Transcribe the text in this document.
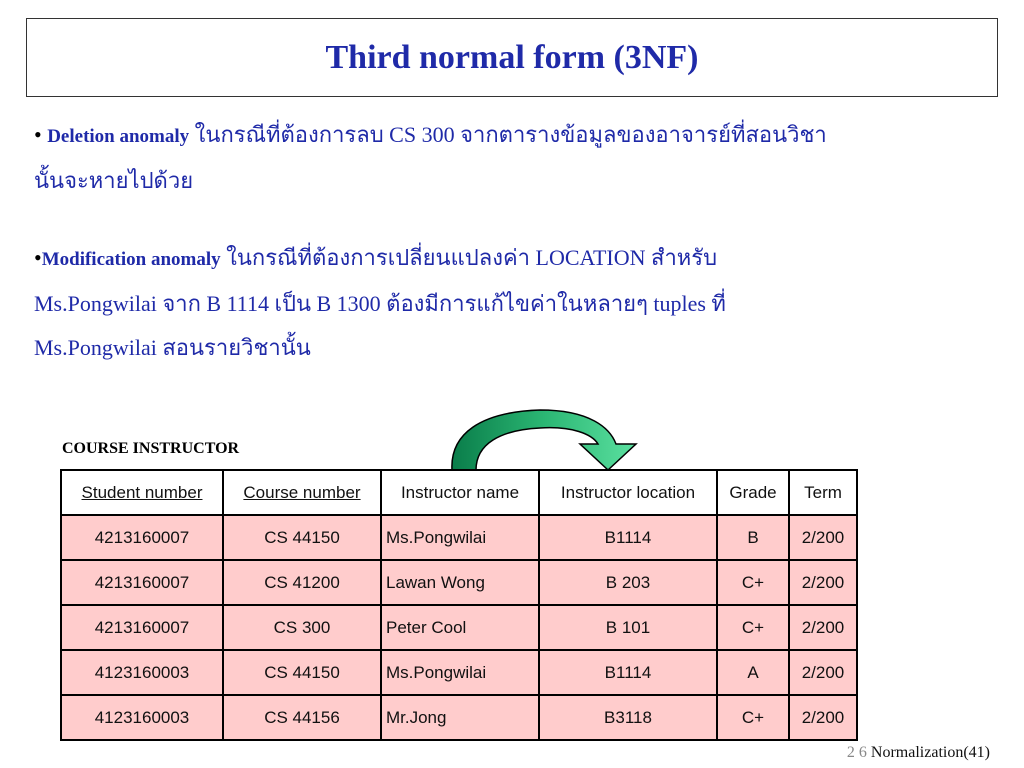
Third normal form (3NF)
• Deletion anomaly ในกรณีที่ต้องการลบ CS 300 จากตารางข้อมูลของอาจารย์ที่สอนวิชา
นั้นจะหายไปด้วย
•Modification anomaly ในกรณีที่ต้องการเปลี่ยนแปลงค่า LOCATION สำหรับ
Ms.Pongwilai จาก B 1114 เป็น B 1300 ต้องมีการแก้ไขค่าในหลายๆ tuples ที่
Ms.Pongwilai สอนรายวิชานั้น
COURSE INSTRUCTOR
Student number	Course number	Instructor name	Instructor location	Grade	Term
4213160007	CS 44150	Ms.Pongwilai	B1114	B	2/200
4213160007	CS 41200	Lawan Wong	B 203	C+	2/200
4213160007	CS 300	Peter Cool	B 101	C+	2/200
4123160003	CS 44150	Ms.Pongwilai	B1114	A	2/200
4123160003	CS 44156	Mr.Jong	B3118	C+	2/200
2 6 Normalization(41)
